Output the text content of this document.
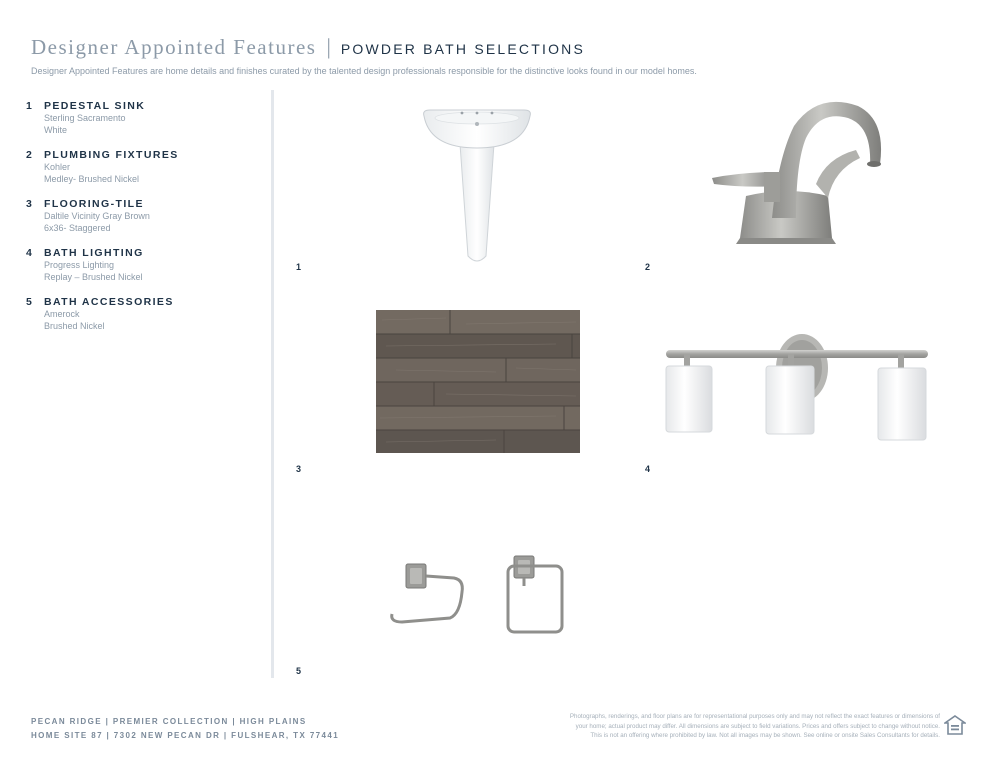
Designer Appointed Features | POWDER BATH SELECTIONS
Designer Appointed Features are home details and finishes curated by the talented design professionals responsible for the distinctive looks found in our model homes.
1	PEDESTAL SINK
Sterling Sacramento
White
2	PLUMBING FIXTURES
Kohler
Medley- Brushed Nickel
3	FLOORING-TILE
Daltile Vicinity Gray Brown
6x36- Staggered
4	BATH LIGHTING
Progress Lighting
Replay – Brushed Nickel
5	BATH ACCESSORIES
Amerock
Brushed Nickel
1	2
3	4
5
PECAN RIDGE | PREMIER COLLECTION | HIGH PLAINS
HOME SITE 87 | 7302 NEW PECAN DR | FULSHEAR, TX 77441
Photographs, renderings, and floor plans are for representational purposes only and may not reflect the exact features or dimensions of
your home; actual product may differ. All dimensions are subject to field variations. Prices and offers subject to change without notice.
This is not an offering where prohibited by law. Not all images may be shown. See online or onsite Sales Consultants for details.
